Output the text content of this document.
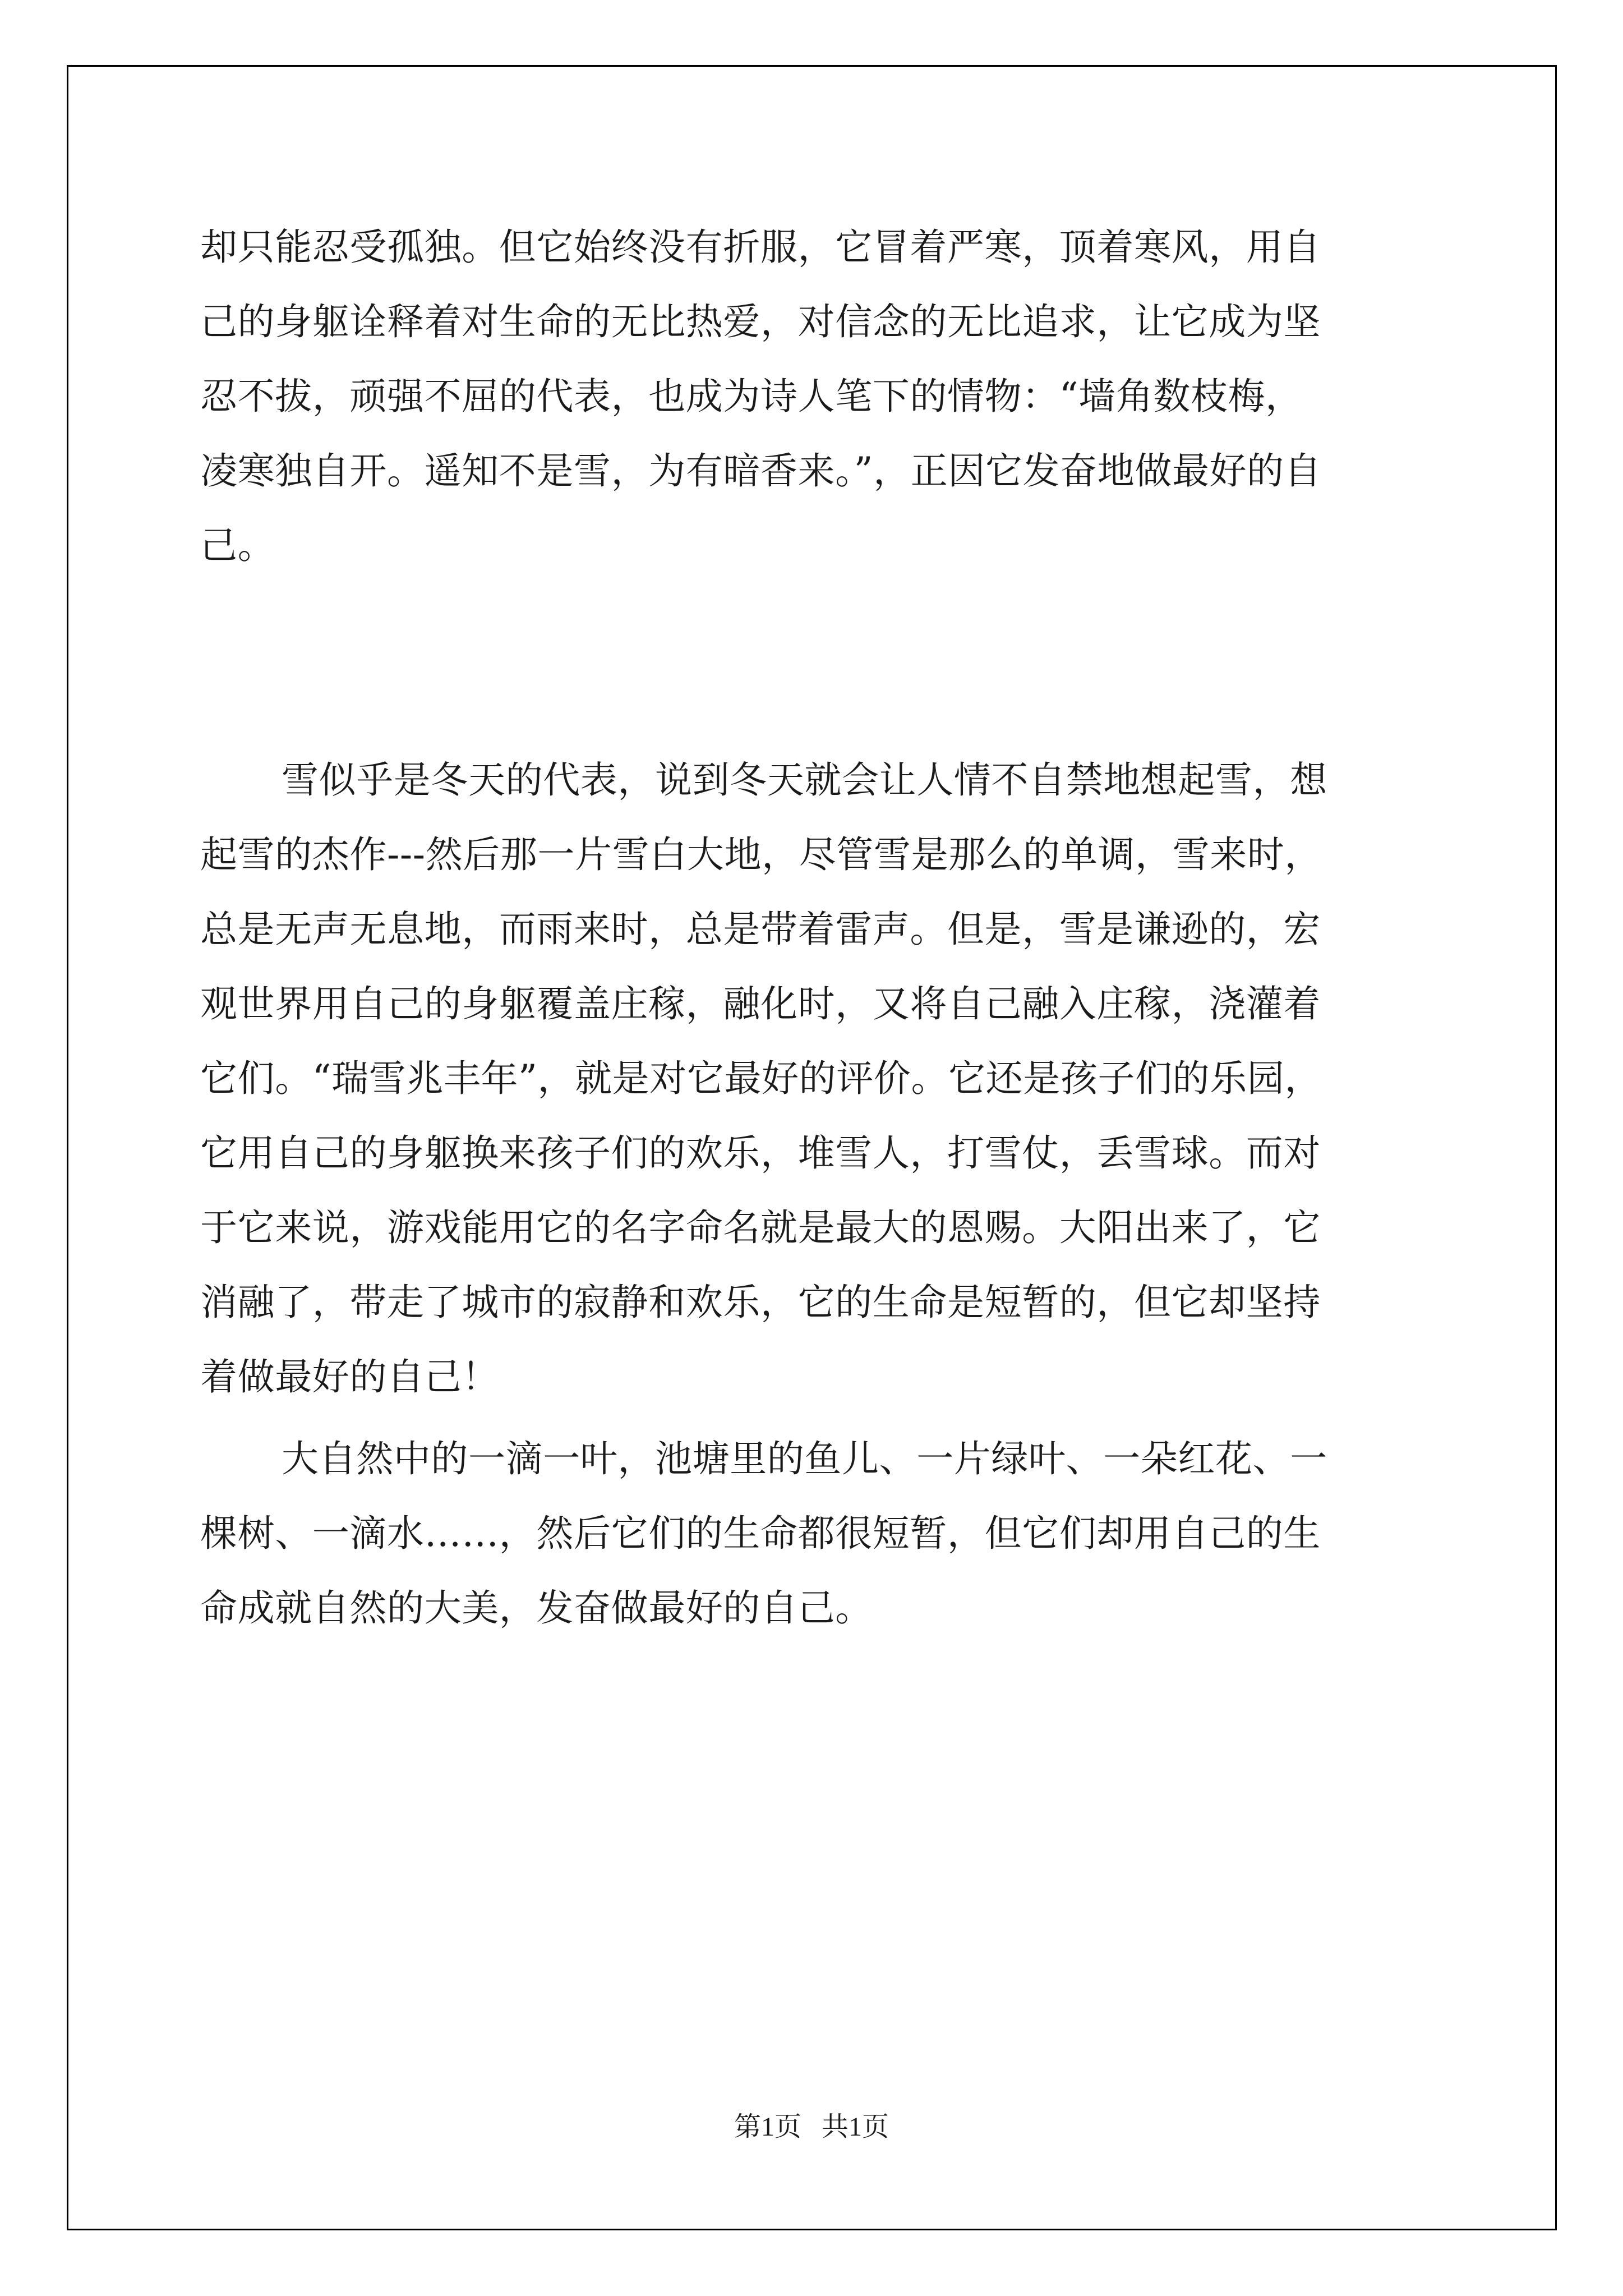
却只能忍受孤独。但它始终没有折服，它冒着严寒，顶着寒风，用自
己的身躯诠释着对生命的无比热爱，对信念的无比追求，让它成为坚
忍不拔，顽强不屈的代表，也成为诗人笔下的情物：“墙角数枝梅，
凌寒独自开。遥知不是雪，为有暗香来。”，正因它发奋地做最好的自
己。
雪似乎是冬天的代表，说到冬天就会让人情不自禁地想起雪，想
起雪的杰作---然后那一片雪白大地，尽管雪是那么的单调，雪来时，
总是无声无息地，而雨来时，总是带着雷声。但是，雪是谦逊的，宏
观世界用自己的身躯覆盖庄稼，融化时，又将自己融入庄稼，浇灌着
它们。“瑞雪兆丰年”，就是对它最好的评价。它还是孩子们的乐园，
它用自己的身躯换来孩子们的欢乐，堆雪人，打雪仗，丢雪球。而对
于它来说，游戏能用它的名字命名就是最大的恩赐。大阳出来了，它
消融了，带走了城市的寂静和欢乐，它的生命是短暂的，但它却坚持
着做最好的自己！
大自然中的一滴一叶，池塘里的鱼儿、一片绿叶、一朵红花、一
棵树、一滴水……，然后它们的生命都很短暂，但它们却用自己的生
命成就自然的大美，发奋做最好的自己。
第1页 共1页
